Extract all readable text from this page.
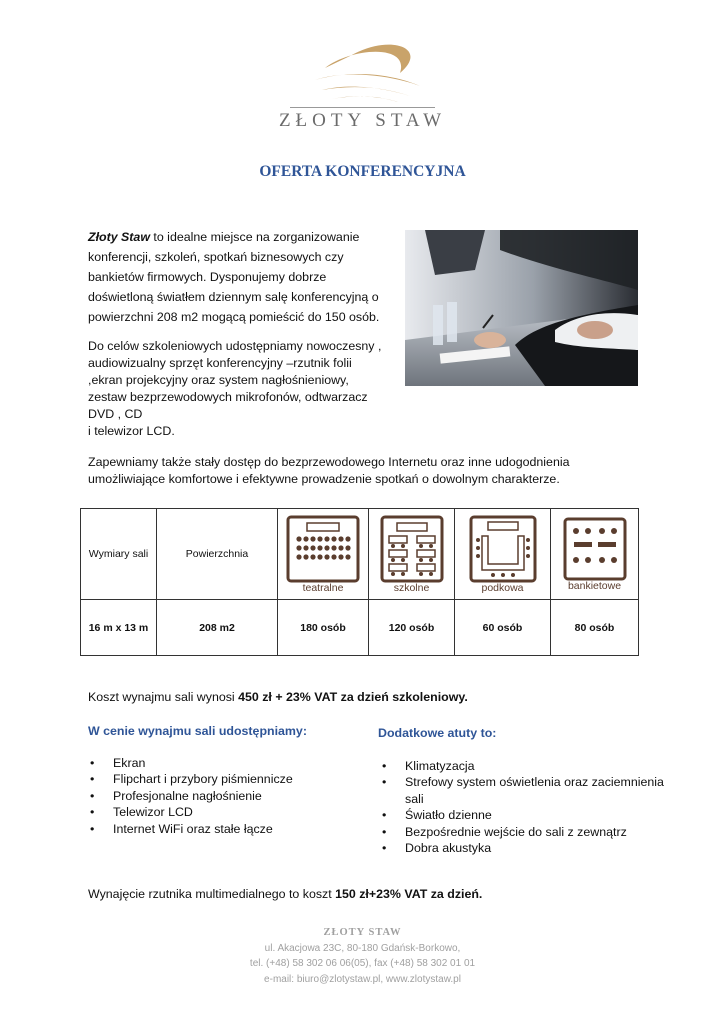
ZŁOTY STAW
OFERTA KONFERENCYJNA
Złoty Staw to idealne miejsce na zorganizowanie konferencji, szkoleń, spotkań biznesowych czy bankietów firmowych. Dysponujemy dobrze doświetloną światłem dziennym salę konferencyjną o powierzchni 208 m2 mogącą pomieścić do 150 osób.
Do celów szkoleniowych udostępniamy nowoczesny ,
audiowizualny sprzęt konferencyjny –rzutnik folii
,ekran projekcyjny oraz system nagłośnieniowy,
zestaw bezprzewodowych mikrofonów, odtwarzacz
DVD , CD
i telewizor LCD.
Zapewniamy także stały dostęp do bezprzewodowego Internetu oraz inne udogodnienia umożliwiające komfortowe i efektywne prowadzenie spotkań o dowolnym charakterze.
Wymiary sali	Powierzchnia	teatralne	szkolne	podkowa	bankietowe

16 m x 13 m	208 m2	180 osób	120 osób	60 osób	80 osób
Koszt wynajmu sali wynosi 450 zł + 23% VAT za dzień szkoleniowy.
W cenie wynajmu sali udostępniamy:
• Ekran
• Flipchart i przybory piśmiennicze
• Profesjonalne nagłośnienie
• Telewizor LCD
• Internet WiFi oraz stałe łącze
Dodatkowe atuty to:
• Klimatyzacja
• Strefowy system oświetlenia oraz zaciemnienia sali
• Światło dzienne
• Bezpośrednie wejście do sali z zewnątrz
• Dobra akustyka
Wynajęcie rzutnika multimedialnego to koszt 150 zł+23% VAT za dzień.
ZŁOTY STAW
ul. Akacjowa 23C, 80-180 Gdańsk-Borkowo,
tel. (+48) 58 302 06 06(05), fax (+48) 58 302 01 01
e-mail: biuro@zlotystaw.pl, www.zlotystaw.pl
